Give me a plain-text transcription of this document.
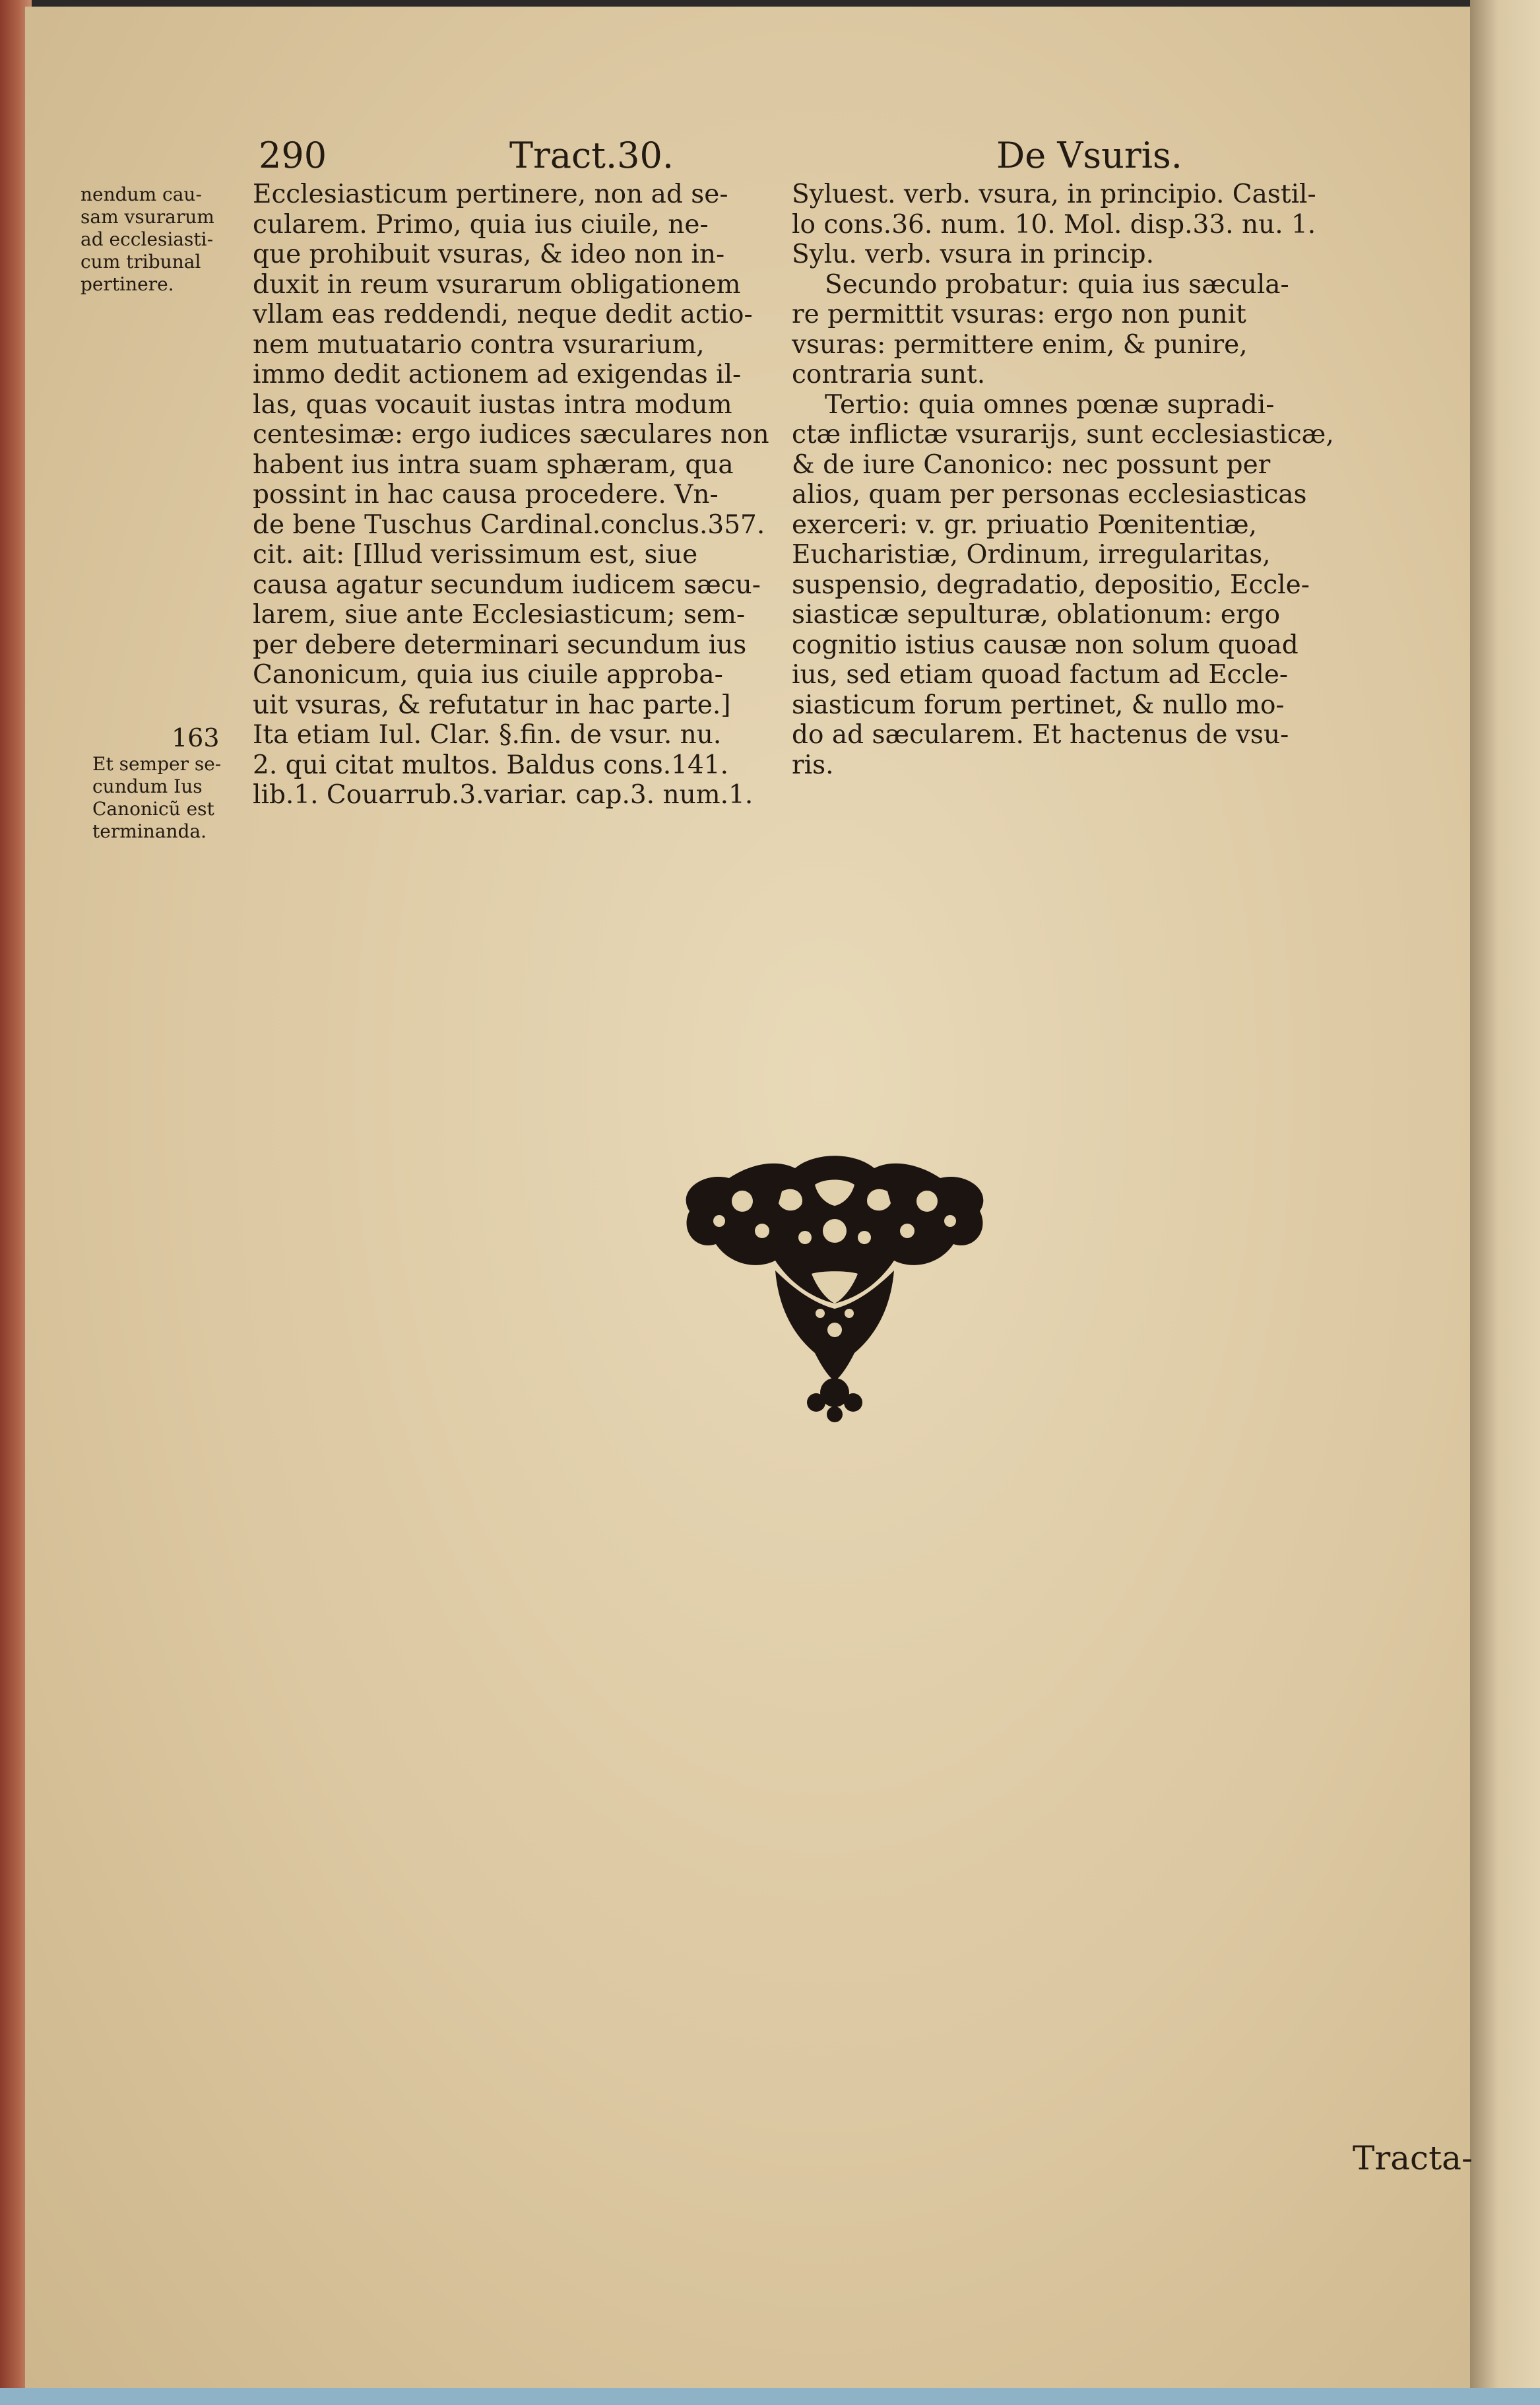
290	Tract.30.	De Vsuris.
nendum cau-
sam vsurarum
ad ecclesiasti-
cum tribunal
pertinere.
163
Et semper se-
cundum Ius
Canonicũ est
terminanda.
Ecclesiasticum pertinere, non ad se-
cularem. Primo, quia ius ciuile, ne-
que prohibuit vsuras, & ideo non in-
duxit in reum vsurarum obligationem
vllam eas reddendi, neque dedit actio-
nem mutuatario contra vsurarium,
immo dedit actionem ad exigendas il-
las, quas vocauit iustas intra modum
centesimæ: ergo iudices sæculares non
habent ius intra suam sphæram, qua
possint in hac causa procedere. Vn-
de bene Tuschus Cardinal.conclus.357.
cit. ait: [Illud verissimum est, siue
causa agatur secundum iudicem sæcu-
larem, siue ante Ecclesiasticum; sem-
per debere determinari secundum ius
Canonicum, quia ius ciuile approba-
uit vsuras, & refutatur in hac parte.]
Ita etiam Iul. Clar. §.fin. de vsur. nu.
2. qui citat multos. Baldus cons.141.
lib.1. Couarrub.3.variar. cap.3. num.1.
Syluest. verb. vsura, in principio. Castil-
lo cons.36. num. 10. Mol. disp.33. nu. 1.
Sylu. verb. vsura in princip.
Secundo probatur: quia ius sæcula-
re permittit vsuras: ergo non punit
vsuras: permittere enim, & punire,
contraria sunt.
Tertio: quia omnes pœnæ supradi-
ctæ inflictæ vsurarijs, sunt ecclesiasticæ,
& de iure Canonico: nec possunt per
alios, quam per personas ecclesiasticas
exerceri: v. gr. priuatio Pœnitentiæ,
Eucharistiæ, Ordinum, irregularitas,
suspensio, degradatio, depositio, Eccle-
siasticæ sepulturæ, oblationum: ergo
cognitio istius causæ non solum quoad
ius, sed etiam quoad factum ad Eccle-
siasticum forum pertinet, & nullo mo-
do ad sæcularem. Et hactenus de vsu-
ris.
Tracta-
